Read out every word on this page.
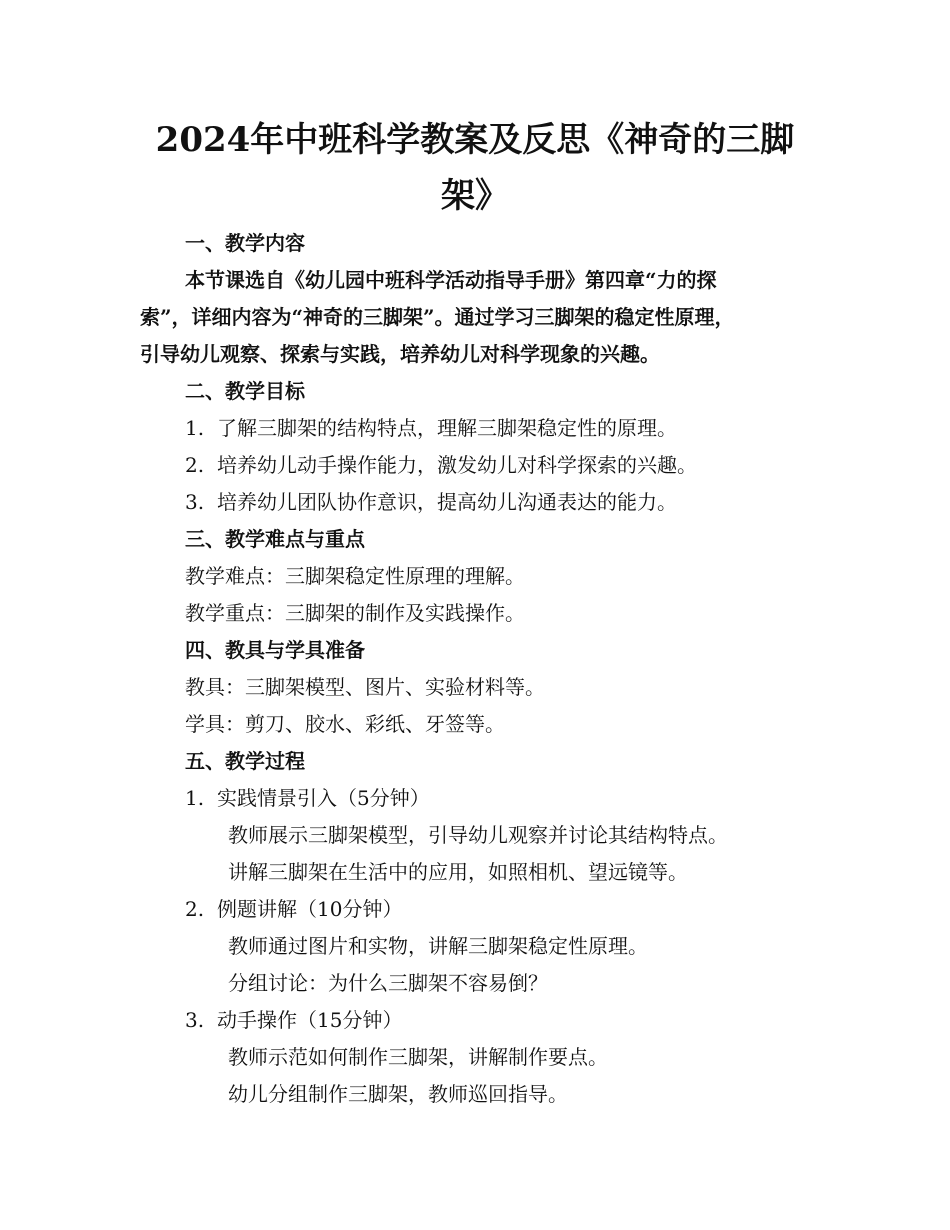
2024年中班科学教案及反思《神奇的三脚
架》
一、教学内容
本节课选自《幼儿园中班科学活动指导手册》第四章“力的探
索”，详细内容为“神奇的三脚架”。通过学习三脚架的稳定性原理，
引导幼儿观察、探索与实践，培养幼儿对科学现象的兴趣。
二、教学目标
1. 了解三脚架的结构特点，理解三脚架稳定性的原理。
2. 培养幼儿动手操作能力，激发幼儿对科学探索的兴趣。
3. 培养幼儿团队协作意识，提高幼儿沟通表达的能力。
三、教学难点与重点
教学难点：三脚架稳定性原理的理解。
教学重点：三脚架的制作及实践操作。
四、教具与学具准备
教具：三脚架模型、图片、实验材料等。
学具：剪刀、胶水、彩纸、牙签等。
五、教学过程
1. 实践情景引入（5分钟）
教师展示三脚架模型，引导幼儿观察并讨论其结构特点。
讲解三脚架在生活中的应用，如照相机、望远镜等。
2. 例题讲解（10分钟）
教师通过图片和实物，讲解三脚架稳定性原理。
分组讨论：为什么三脚架不容易倒？
3. 动手操作（15分钟）
教师示范如何制作三脚架，讲解制作要点。
幼儿分组制作三脚架，教师巡回指导。
